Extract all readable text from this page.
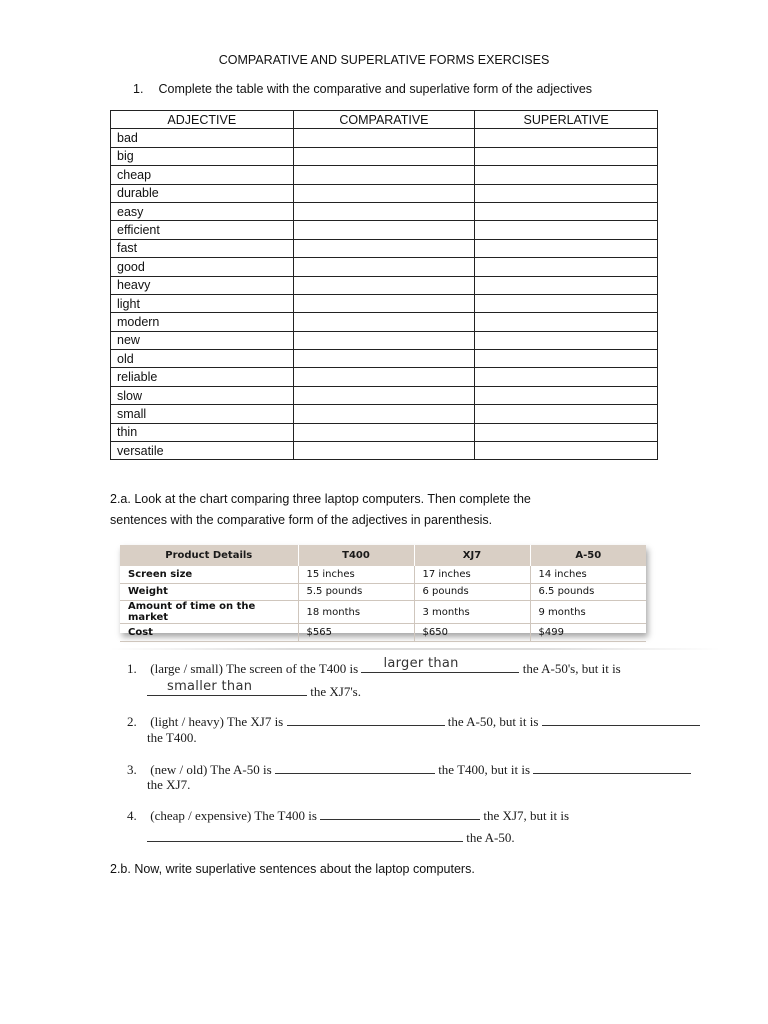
COMPARATIVE AND SUPERLATIVE FORMS EXERCISES
1. Complete the table with the comparative and superlative form of the adjectives
ADJECTIVE	COMPARATIVE	SUPERLATIVE
bad		
big		
cheap		
durable		
easy		
efficient		
fast		
good		
heavy		
light		
modern		
new		
old		
reliable		
slow		
small		
thin		
versatile		
2.a. Look at the chart comparing three laptop computers. Then complete the
sentences with the comparative form of the adjectives in parenthesis.
Product Details	T400	XJ7	A-50
Screen size	15 inches	17 inches	14 inches
Weight	5.5 pounds	6 pounds	6.5 pounds
Amount of time on the market	18 months	3 months	9 months
Cost	$565	$650	$499
1. (large / small) The screen of the T400 is larger than	the A-50's, but it is
smaller than	the XJ7's.
2. (light / heavy) The XJ7 is	the A-50, but it is
the T400.
3. (new / old) The A-50 is	the T400, but it is
the XJ7.
4. (cheap / expensive) The T400 is	the XJ7, but it is
the A-50.
2.b. Now, write superlative sentences about the laptop computers.
